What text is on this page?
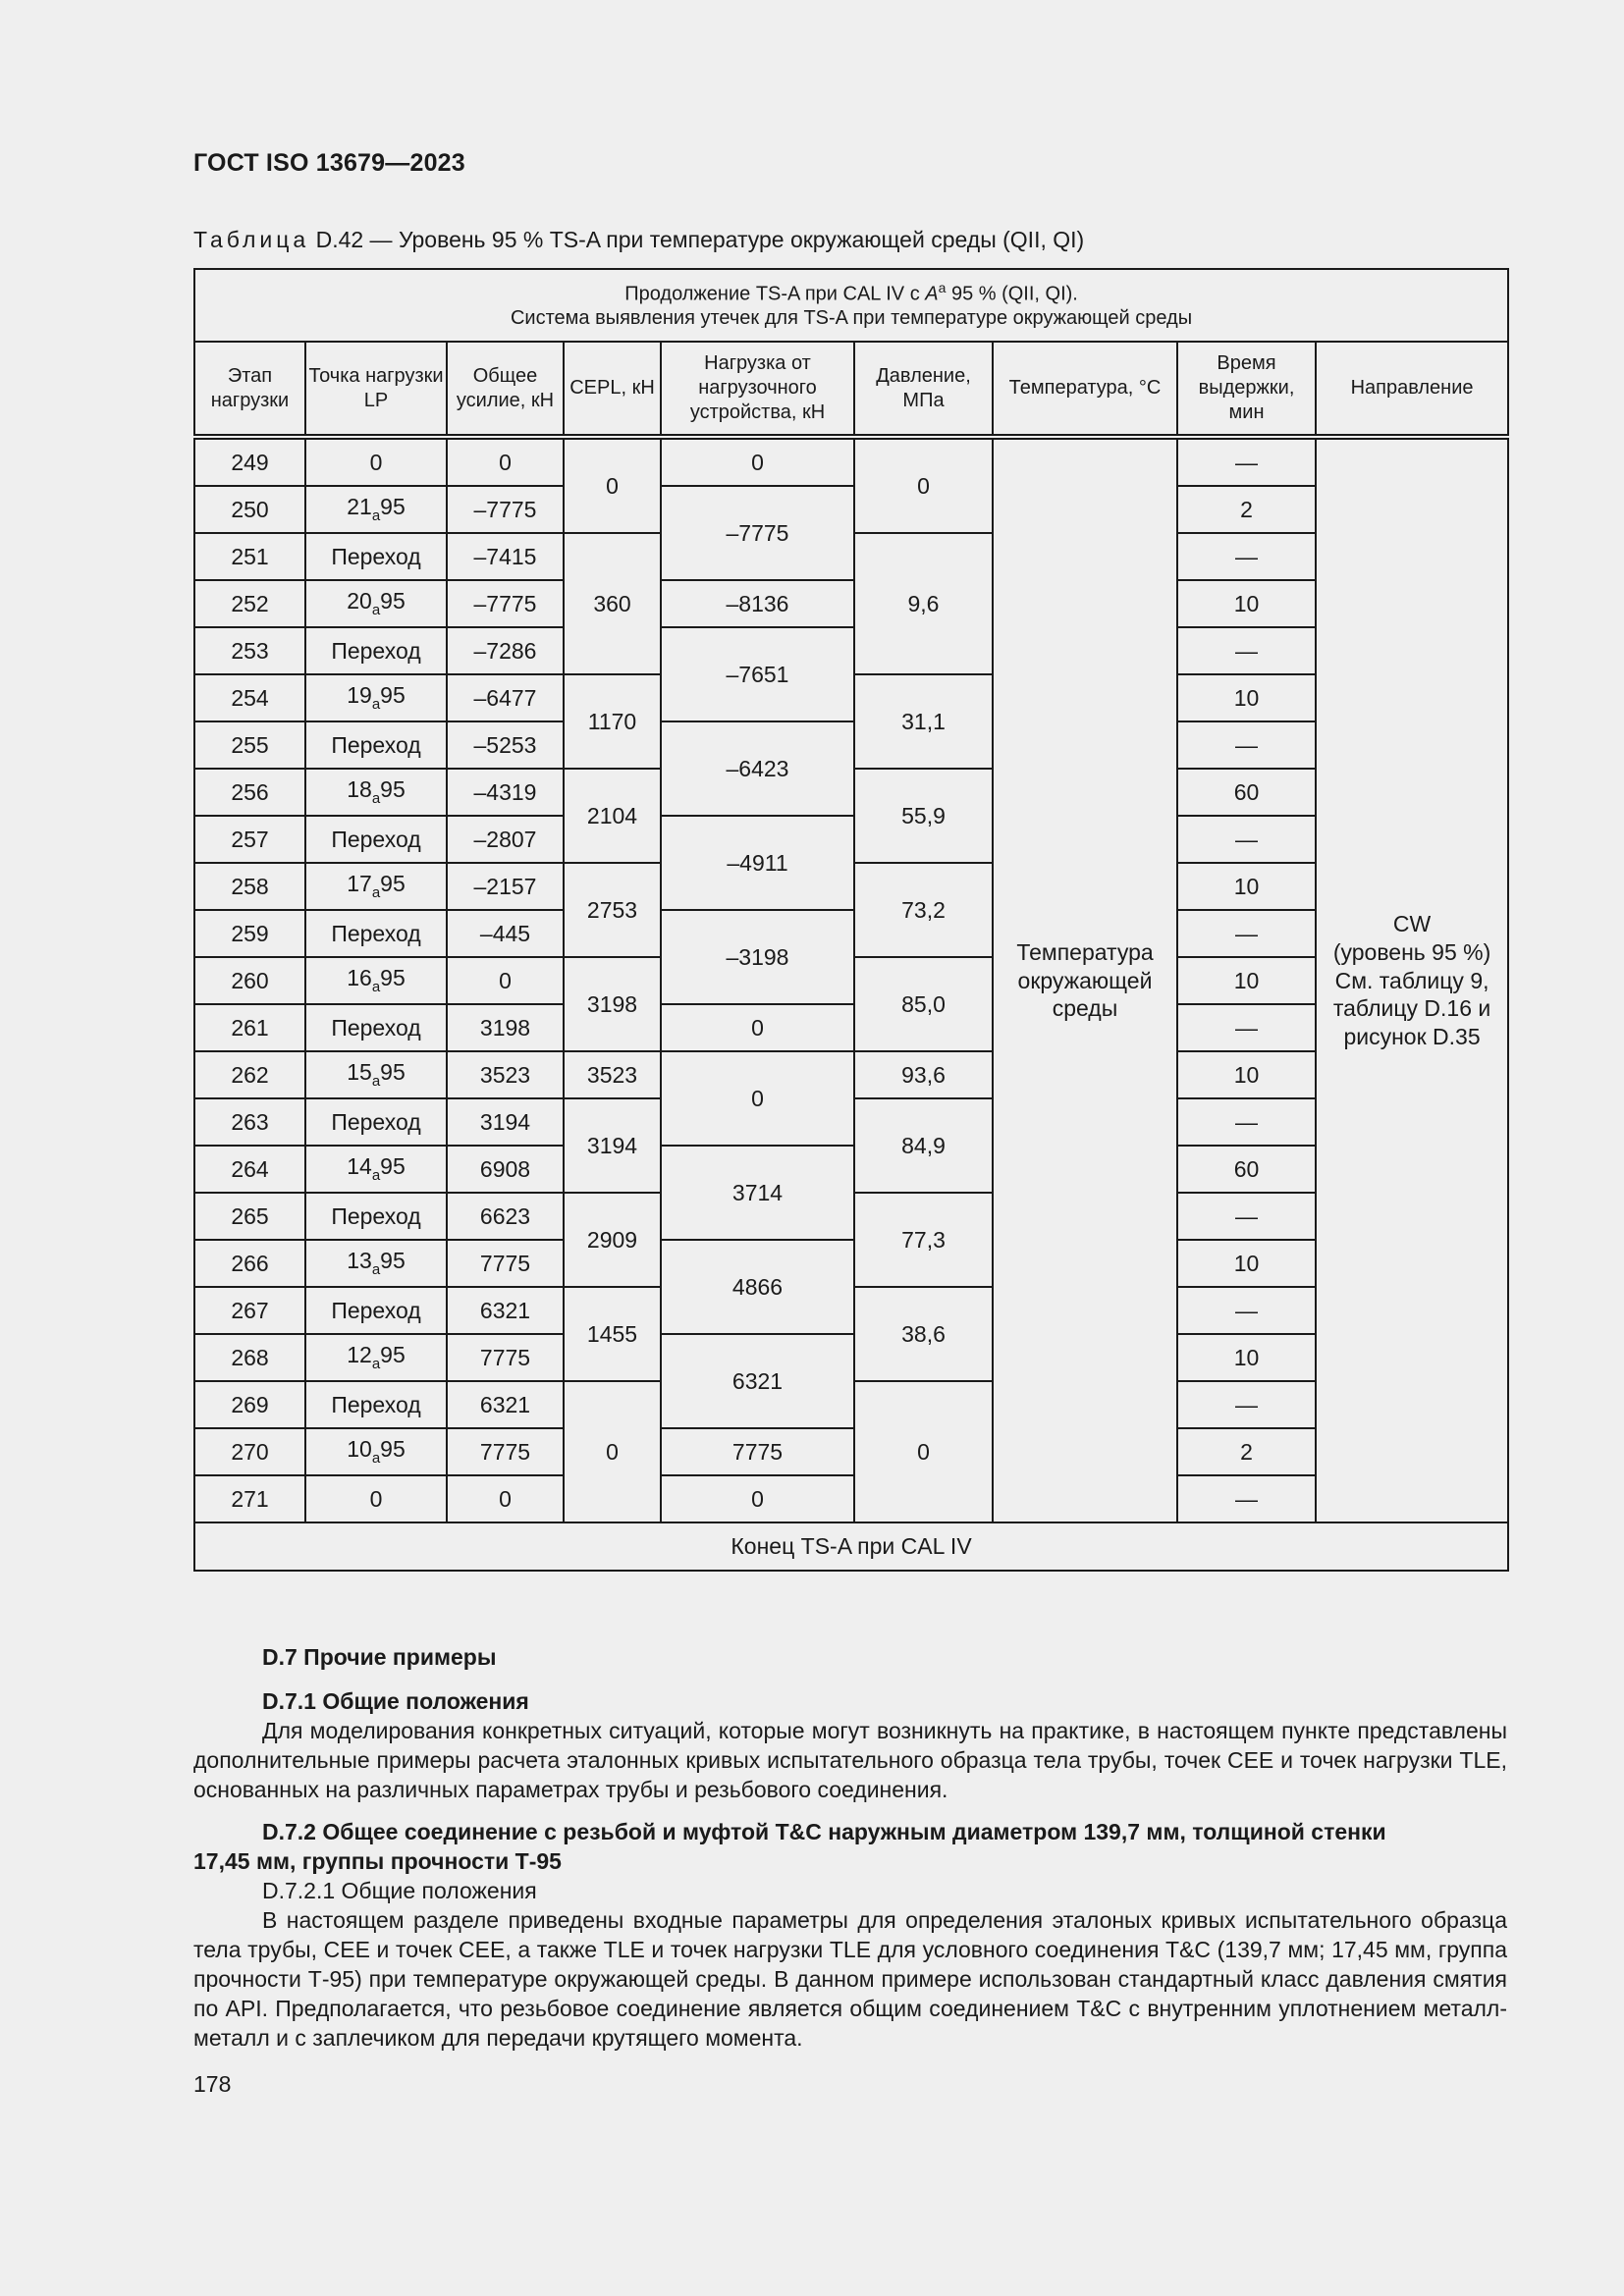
ГОСТ ISO 13679—2023
Таблица D.42 — Уровень 95 % TS-A при температуре окружающей среды (QII, QI)
Продолжение TS-A при CAL IV с $A^a$ 95 % (QII, QI).
Система выявления утечек для TS-A при температуре окружающей среды								
Этап нагрузки	Точка нагрузки LP	Общее усилие, кН	CEPL, кН	Нагрузка от нагрузочного устройства, кН	Давление, МПа	Температура, °С	Время выдержки, мин	Направление
249	0	0	0	0	0	Температура окружающей среды	—	CW
(уровень 95 %)
См. таблицу 9,
таблицу D.16 и
рисунок D.35

250	$21_a95$	–7775		–7775			2	
251	Переход	–7415	360		9,6		—	
252	$20_a95$	–7775		–8136			10	
253	Переход	–7286		–7651			—	
254	$19_a95$	–6477	1170		31,1		10	
255	Переход	–5253		–6423			—	
256	$18_a95$	–4319	2104		55,9		60	
257	Переход	–2807		–4911			—	
258	$17_a95$	–2157	2753		73,2		10	
259	Переход	–445		–3198			—	
260	$16_a95$	0	3198		85,0		10	
261	Переход	3198		0			—	
262	$15_a95$	3523	3523	0	93,6		10	
263	Переход	3194	3194		84,9		—	
264	$14_a95$	6908		3714			60	
265	Переход	6623	2909		77,3		—	
266	$13_a95$	7775		4866			10	
267	Переход	6321	1455		38,6		—	
268	$12_a95$	7775		6321			10	
269	Переход	6321	0		0		—	
270	$10_a95$	7775		7775			2	
271	0	0		0			—	
Конец TS-A при CAL IV								
D.7 Прочие примеры
D.7.1 Общие положения
Для моделирования конкретных ситуаций, которые могут возникнуть на практике, в настоящем пункте представлены дополнительные примеры расчета эталонных кривых испытательного образца тела трубы, точек СЕЕ и точек нагрузки TLE, основанных на различных параметрах трубы и резьбового соединения.
D.7.2 Общее соединение с резьбой и муфтой T&C наружным диаметром 139,7 мм, толщиной стенки
17,45 мм, группы прочности Т-95
D.7.2.1 Общие положения
В настоящем разделе приведены входные параметры для определения эталоных кривых испытательного образца тела трубы, СЕЕ и точек СЕЕ, а также TLE и точек нагрузки TLE для условного соединения T&C (139,7 мм; 17,45 мм, группа прочности Т-95) при температуре окружающей среды. В данном примере использован стандартный класс давления смятия по API. Предполагается, что резьбовое соединение является общим соединением T&C с внутренним уплотнением металл-металл и с заплечиком для передачи крутящего момента.
178
